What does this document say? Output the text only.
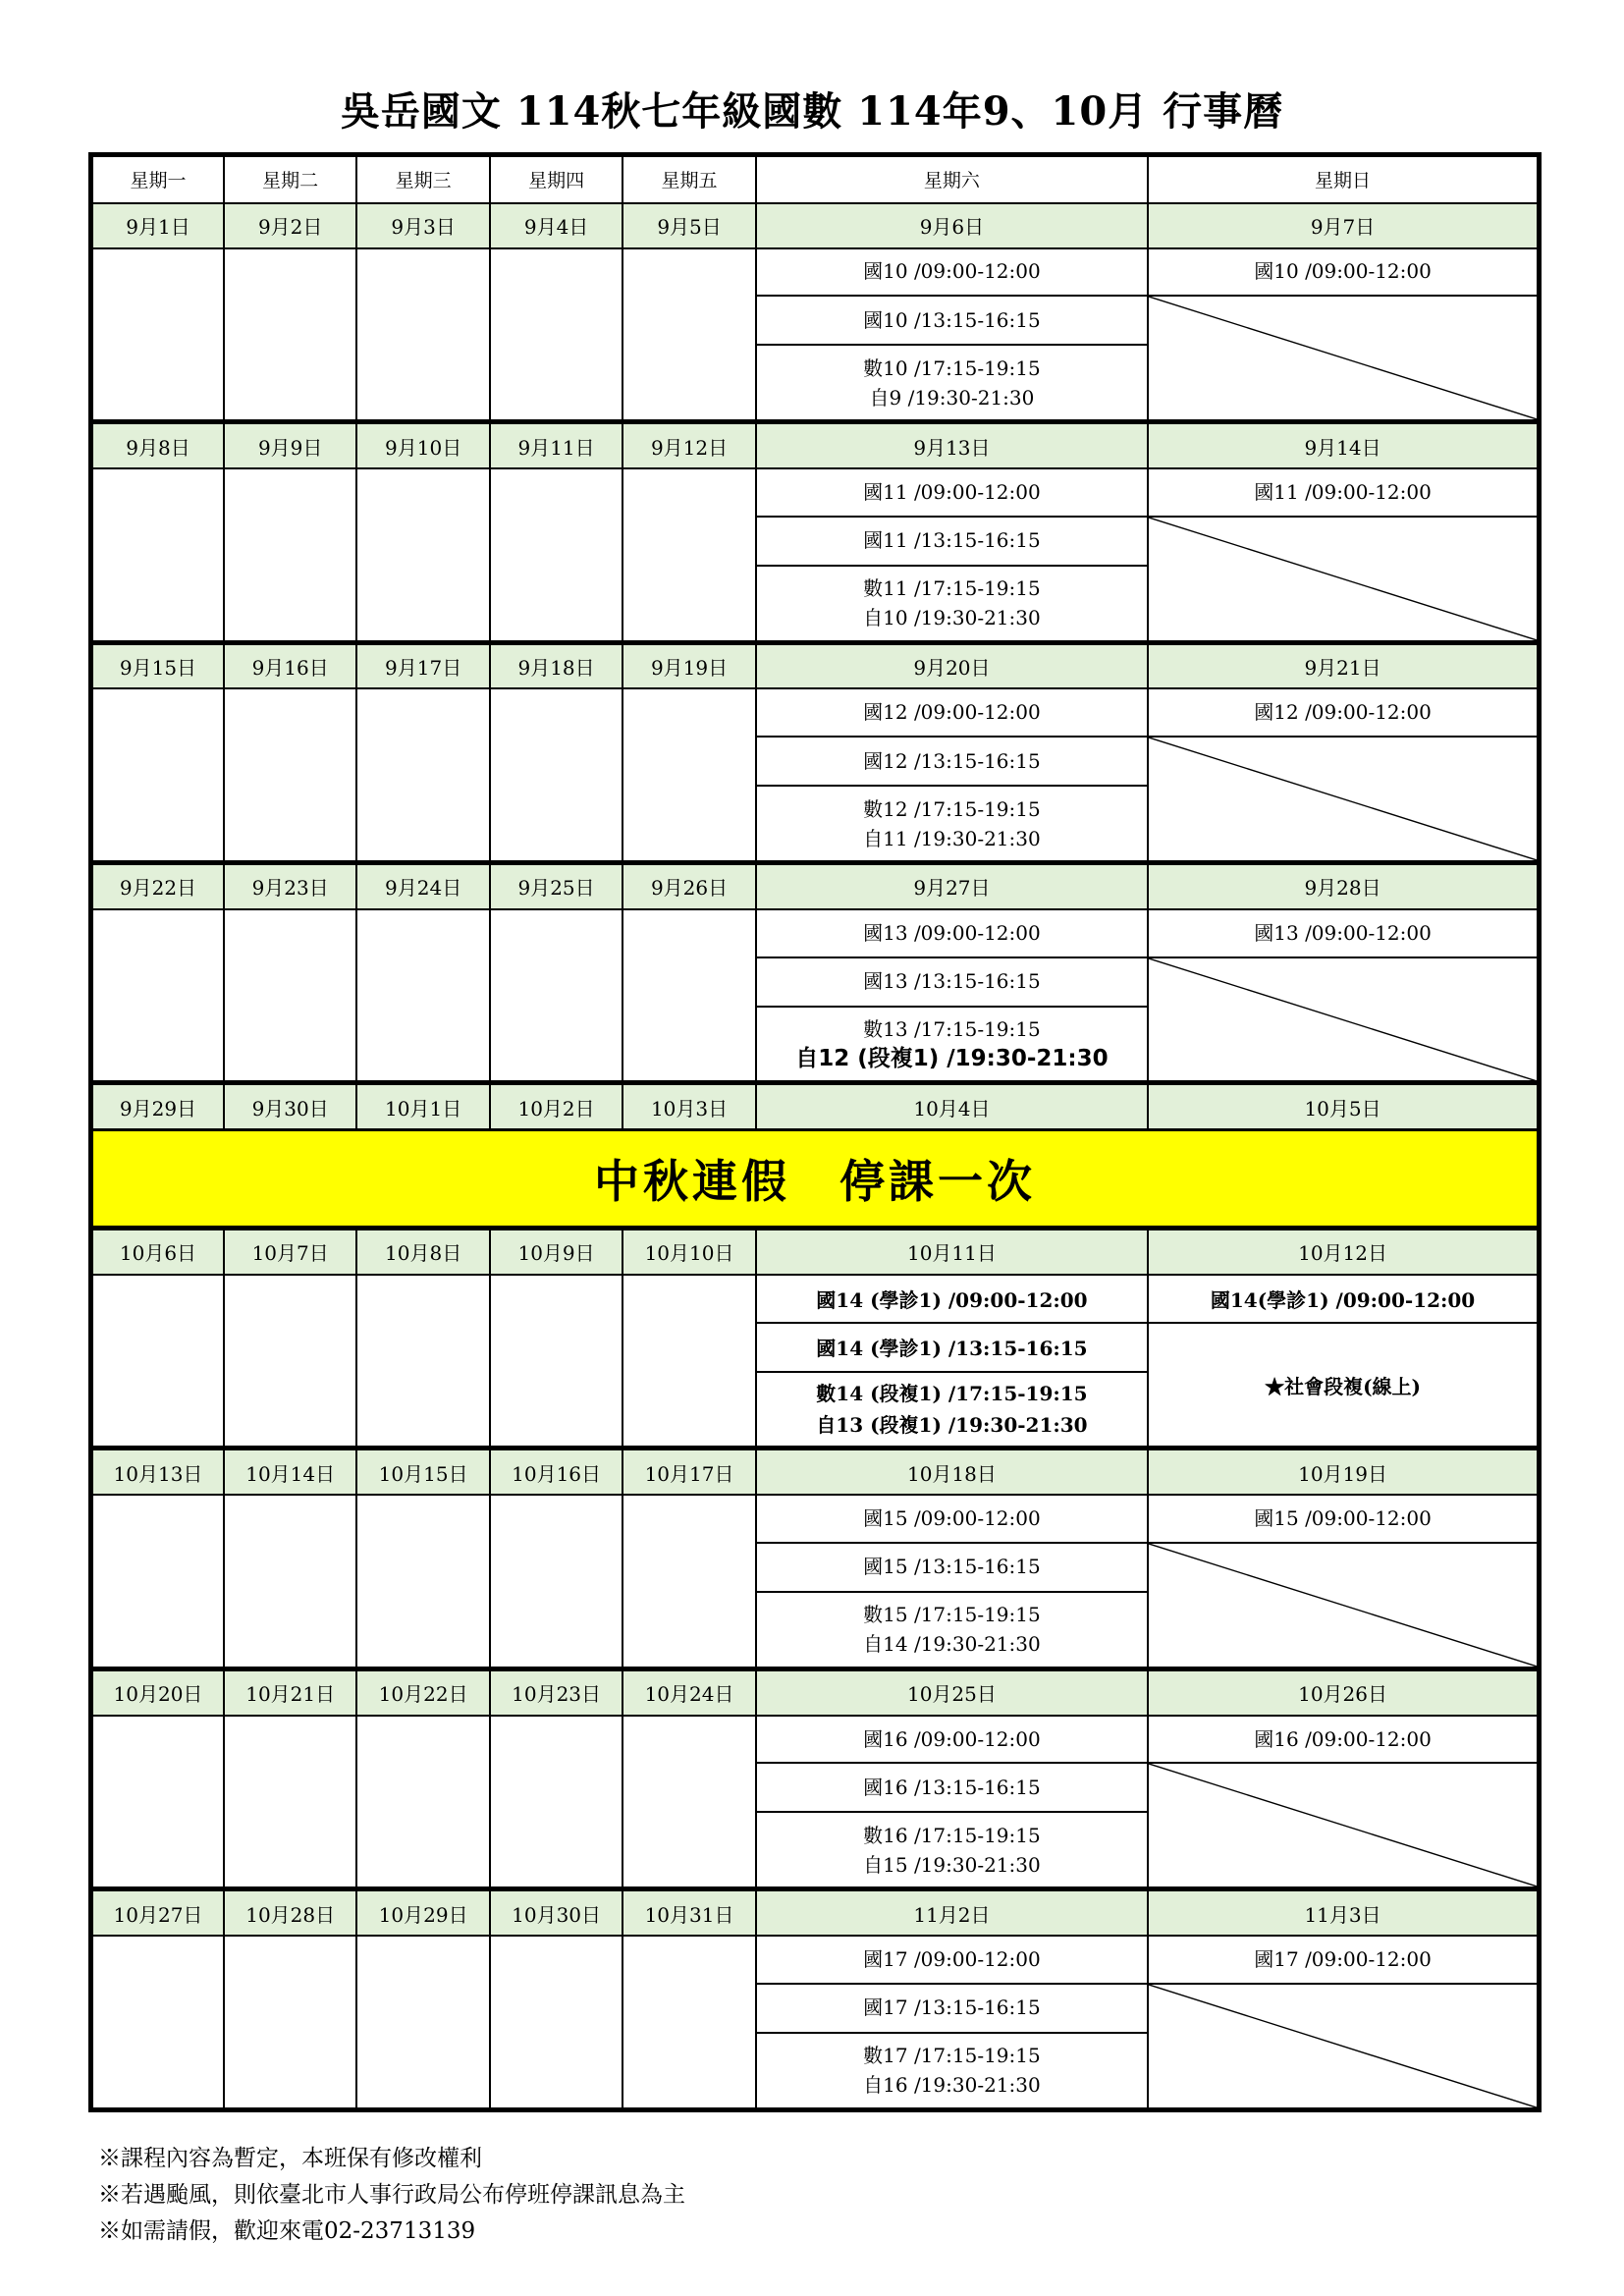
吳岳國文 114秋七年級國數 114年9、10月 行事曆
星期一	星期二	星期三	星期四	星期五	星期六	星期日
9月1日	9月2日	9月3日	9月4日	9月5日	9月6日	9月7日
					國10 /09:00-12:00	國10 /09:00-12:00
					國10 /13:15-16:15	

					數10 /17:15-19:15
自9 /19:30-21:30	

9月8日	9月9日	9月10日	9月11日	9月12日	9月13日	9月14日
					國11 /09:00-12:00	國11 /09:00-12:00
					國11 /13:15-16:15	

					數11 /17:15-19:15
自10 /19:30-21:30	

9月15日	9月16日	9月17日	9月18日	9月19日	9月20日	9月21日
					國12 /09:00-12:00	國12 /09:00-12:00
					國12 /13:15-16:15	

					數12 /17:15-19:15
自11 /19:30-21:30	

9月22日	9月23日	9月24日	9月25日	9月26日	9月27日	9月28日
					國13 /09:00-12:00	國13 /09:00-12:00
					國13 /13:15-16:15	

					數13 /17:15-19:15
自12 (段複1) /19:30-21:30	

9月29日	9月30日	10月1日	10月2日	10月3日	10月4日	10月5日
中秋連假　停課一次						
10月6日	10月7日	10月8日	10月9日	10月10日	10月11日	10月12日
					國14 (學診1) /09:00-12:00	國14(學診1) /09:00-12:00
					國14 (學診1) /13:15-16:15	★社會段複(線上)

					數14 (段複1) /17:15-19:15
自13 (段複1) /19:30-21:30	

10月13日	10月14日	10月15日	10月16日	10月17日	10月18日	10月19日
					國15 /09:00-12:00	國15 /09:00-12:00
					國15 /13:15-16:15	

					數15 /17:15-19:15
自14 /19:30-21:30	

10月20日	10月21日	10月22日	10月23日	10月24日	10月25日	10月26日
					國16 /09:00-12:00	國16 /09:00-12:00
					國16 /13:15-16:15	

					數16 /17:15-19:15
自15 /19:30-21:30	

10月27日	10月28日	10月29日	10月30日	10月31日	11月2日	11月3日
					國17 /09:00-12:00	國17 /09:00-12:00
					國17 /13:15-16:15	

					數17 /17:15-19:15
自16 /19:30-21:30	
※課程內容為暫定，本班保有修改權利
※若遇颱風，則依臺北市人事行政局公布停班停課訊息為主
※如需請假，歡迎來電02-23713139
